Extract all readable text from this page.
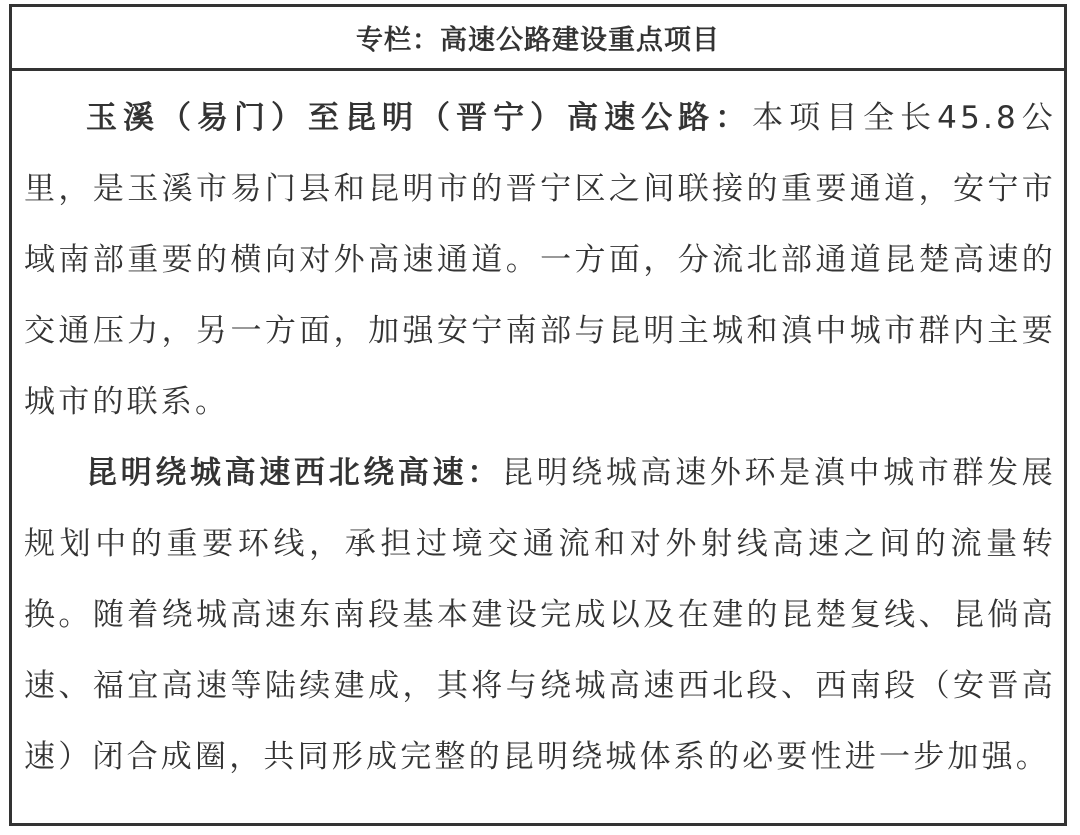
专栏：高速公路建设重点项目

玉溪（易门）至昆明（晋宁）高速公路：本项目全长45.8公里，是玉溪市易门县和昆明市的晋宁区之间联接的重要通道，安宁市域南部重要的横向对外高速通道。一方面，分流北部通道昆楚高速的交通压力，另一方面，加强安宁南部与昆明主城和滇中城市群内主要城市的联系。

昆明绕城高速西北绕高速：昆明绕城高速外环是滇中城市群发展规划中的重要环线，承担过境交通流和对外射线高速之间的流量转换。随着绕城高速东南段基本建设完成以及在建的昆楚复线、昆倘高速、福宜高速等陆续建成，其将与绕城高速西北段、西南段（安晋高速）闭合成圈，共同形成完整的昆明绕城体系的必要性进一步加强。
